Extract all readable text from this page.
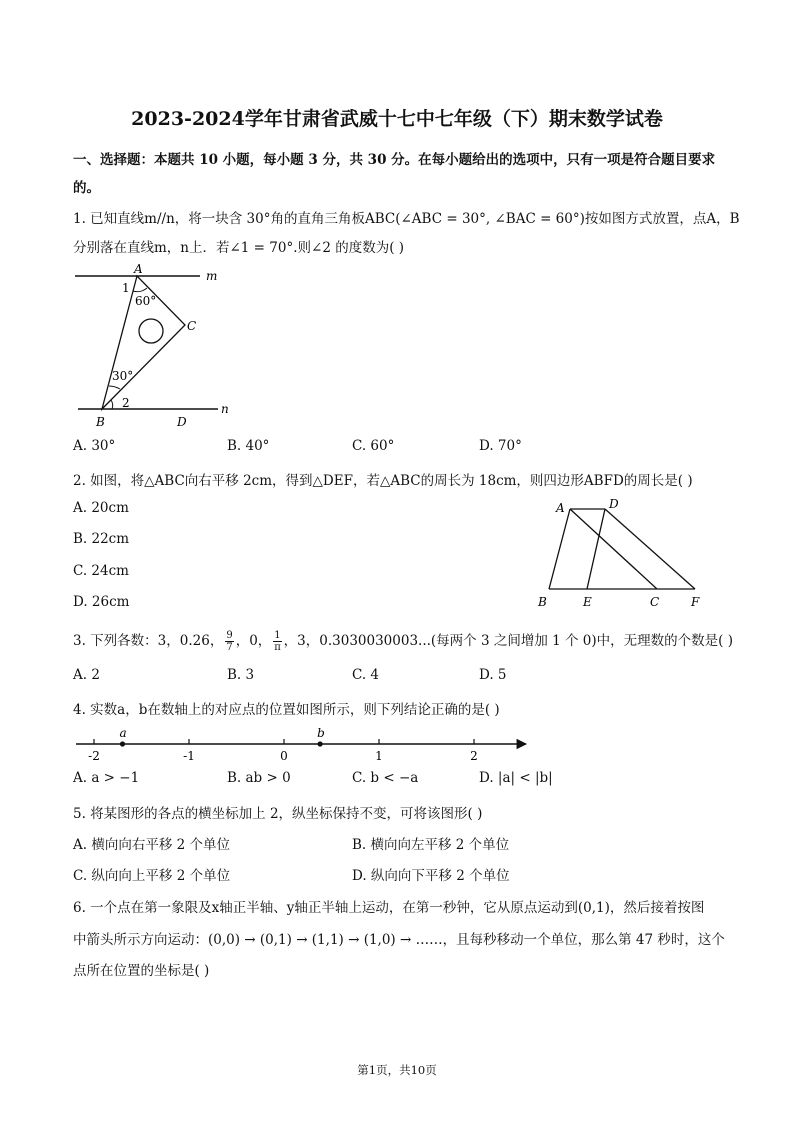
2023-2024学年甘肃省武威十七中七年级（下）期末数学试卷
一、选择题：本题共 10 小题，每小题 3 分，共 30 分。在每小题给出的选项中，只有一项是符合题目要求
的。
1. 已知直线m//n，将一块含 30°角的直角三角板ABC(∠ABC = 30°, ∠BAC = 60°)按如图方式放置，点A，B
分别落在直线m，n上．若∠1 = 70°.则∠2 的度数为( )
A	m
1
60°
C
30°
2
B	D
n
A. 30°	B. 40°	C. 60°	D. 70°
2. 如图，将△ABC向右平移 2cm，得到△DEF，若△ABC的周长为 18cm，则四边形ABFD的周长是( )
A. 20cm
B. 22cm
C. 24cm
D. 26cm
A	D
B	E	C	F
3. 下列各数：3，0.26， $\frac{9}{7}$ ，0， $\frac{1}{\pi}$ ，3，0.3030030003...(每两个 3 之间增加 1 个 0)中，无理数的个数是( )
A. 2	B. 3	C. 4	D. 5
4. 实数a，b在数轴上的对应点的位置如图所示，则下列结论正确的是( )
-2	-1	0	1	2
a	b
A. a > −1	B. ab > 0	C. b < −a	D. |a| < |b|
5. 将某图形的各点的横坐标加上 2，纵坐标保持不变，可将该图形( )
A. 横向向右平移 2 个单位	B. 横向向左平移 2 个单位
C. 纵向向上平移 2 个单位	D. 纵向向下平移 2 个单位
6. 一个点在第一象限及x轴正半轴、y轴正半轴上运动，在第一秒钟，它从原点运动到(0,1)，然后接着按图
中箭头所示方向运动：(0,0) → (0,1) → (1,1) → (1,0) → ……，且每秒移动一个单位，那么第 47 秒时，这个
点所在位置的坐标是( )
第1页，共10页
